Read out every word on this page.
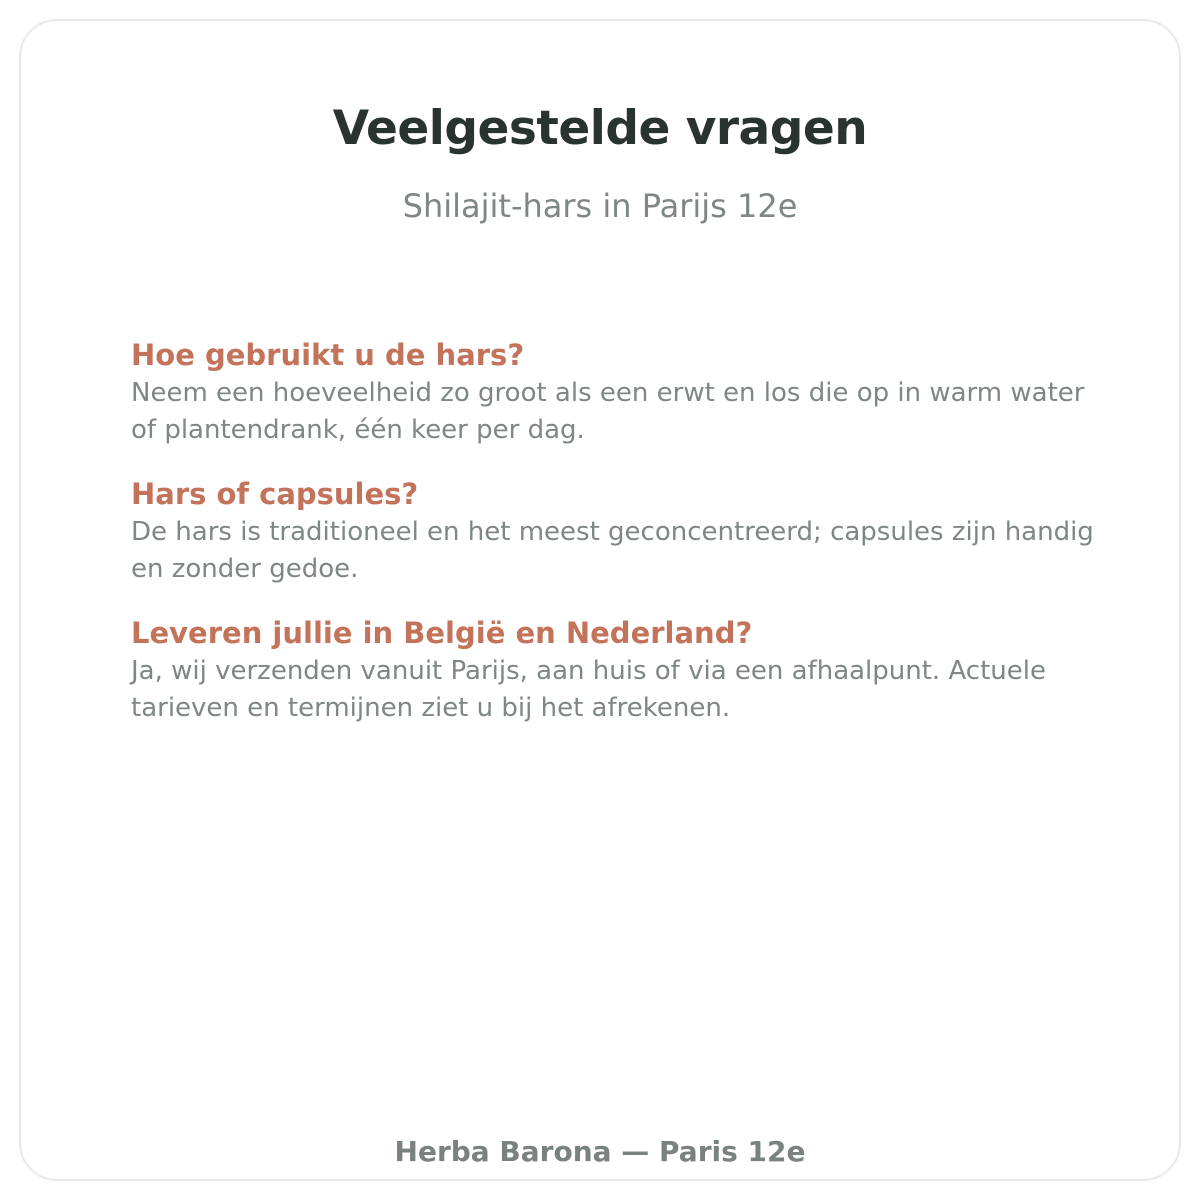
Veelgestelde vragen

Shilajit-hars in Parijs 12e

Hoe gebruikt u de hars?

Neem een hoeveelheid zo groot als een erwt en los die op in warm water of plantendrank, één keer per dag.

Hars of capsules?

De hars is traditioneel en het meest geconcentreerd; capsules zijn handig en zonder gedoe.

Leveren jullie in België en Nederland?

Ja, wij verzenden vanuit Parijs, aan huis of via een afhaalpunt. Actuele tarieven en termijnen ziet u bij het afrekenen.

Herba Barona — Paris 12e
